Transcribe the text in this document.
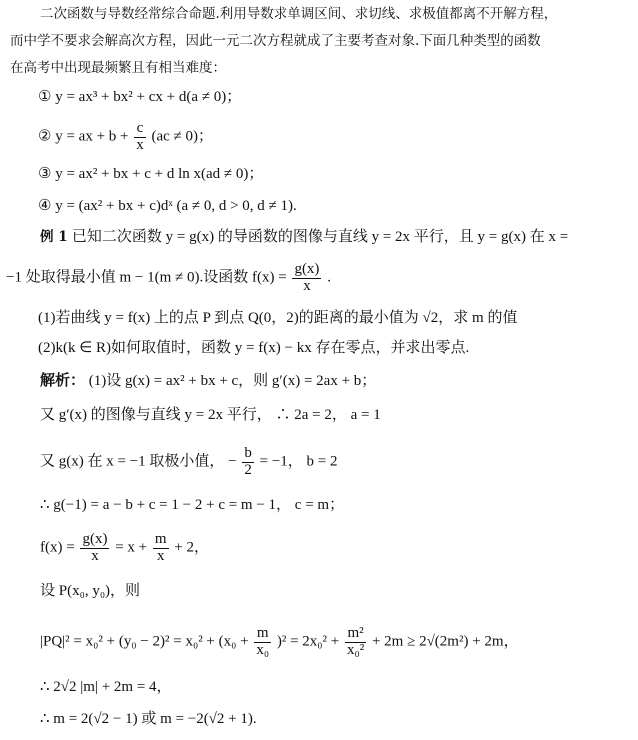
二次函数与导数经常综合命题.利用导数求单调区间、求切线、求极值都离不开解方程，
而中学不要求会解高次方程，因此一元二次方程就成了主要考查对象.下面几种类型的函数
在高考中出现最频繁且有相当难度：
① y = ax³ + bx² + cx + d(a ≠ 0)；
② y = ax + $b + \frac{c}{x} (ac \ne 0)$；
③ y = ax² + bx + c + d ln x(ad ≠ 0)；
④ y = (ax² + bx + c)dˣ (a ≠ 0, d > 0, d ≠ 1).
例 1 已知二次函数 y = g(x) 的导函数的图像与直线 y = 2x 平行，且 y = g(x) 在 x =
−1 处取得最小值 m − 1(m ≠ 0).设函数 $f(x) = \frac{g(x)}{x}$ .
(1)若曲线 y = f(x) 上的点 P 到点 Q(0，2)的距离的最小值为 √2，求 m 的值
(2)k(k ∈ R)如何取值时，函数 y = f(x) − kx 存在零点，并求出零点.
解析： (1)设 g(x) = ax² + bx + c，则 g′(x) = 2ax + b；
又 g′(x) 的图像与直线 y = 2x 平行， ∴ 2a = 2， a = 1
又 g(x) 在 x = −1 取极小值， − $\frac{b}{2} = -1$， b = 2
∴ g(−1) = a − b + c = 1 − 2 + c = m − 1， c = m；
$f(x) = \frac{g(x)}{x} = x + \frac{m}{x} + 2$，
设 P(x₀, y₀)，则
$|PQ|^2 = x_0^2 + (y_0 - 2)^2 = x_0^2 + (x_0 + \frac{m}{\text{x₀}} )^2 = 2x_0^2 + \frac{\text{m²}}{\text{x₀²}} + 2m \ge 2√(2m^2) + 2m$，
∴ 2√2 |m| + 2m = 4，
∴ m = 2(√2 − 1) 或 m = −2(√2 + 1).
